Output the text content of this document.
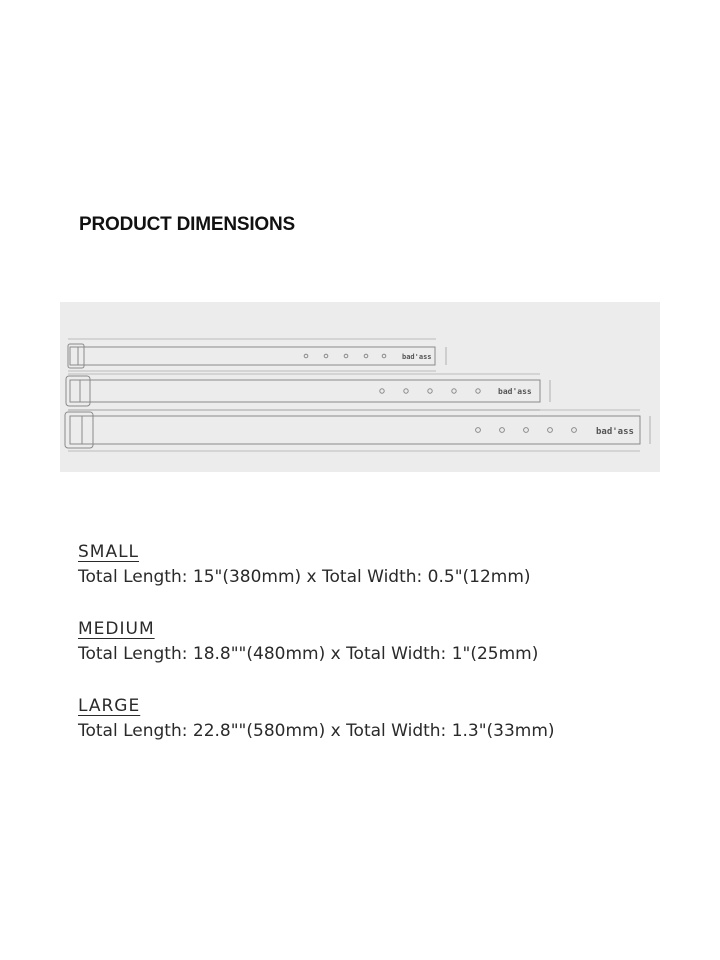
PRODUCT DIMENSIONS
bad'ass
bad'ass
bad'ass
SMALL
Total Length: 15"(380mm) x Total Width: 0.5"(12mm)
MEDIUM
Total Length: 18.8""(480mm) x Total Width: 1"(25mm)
LARGE
Total Length: 22.8""(580mm) x Total Width: 1.3"(33mm)
